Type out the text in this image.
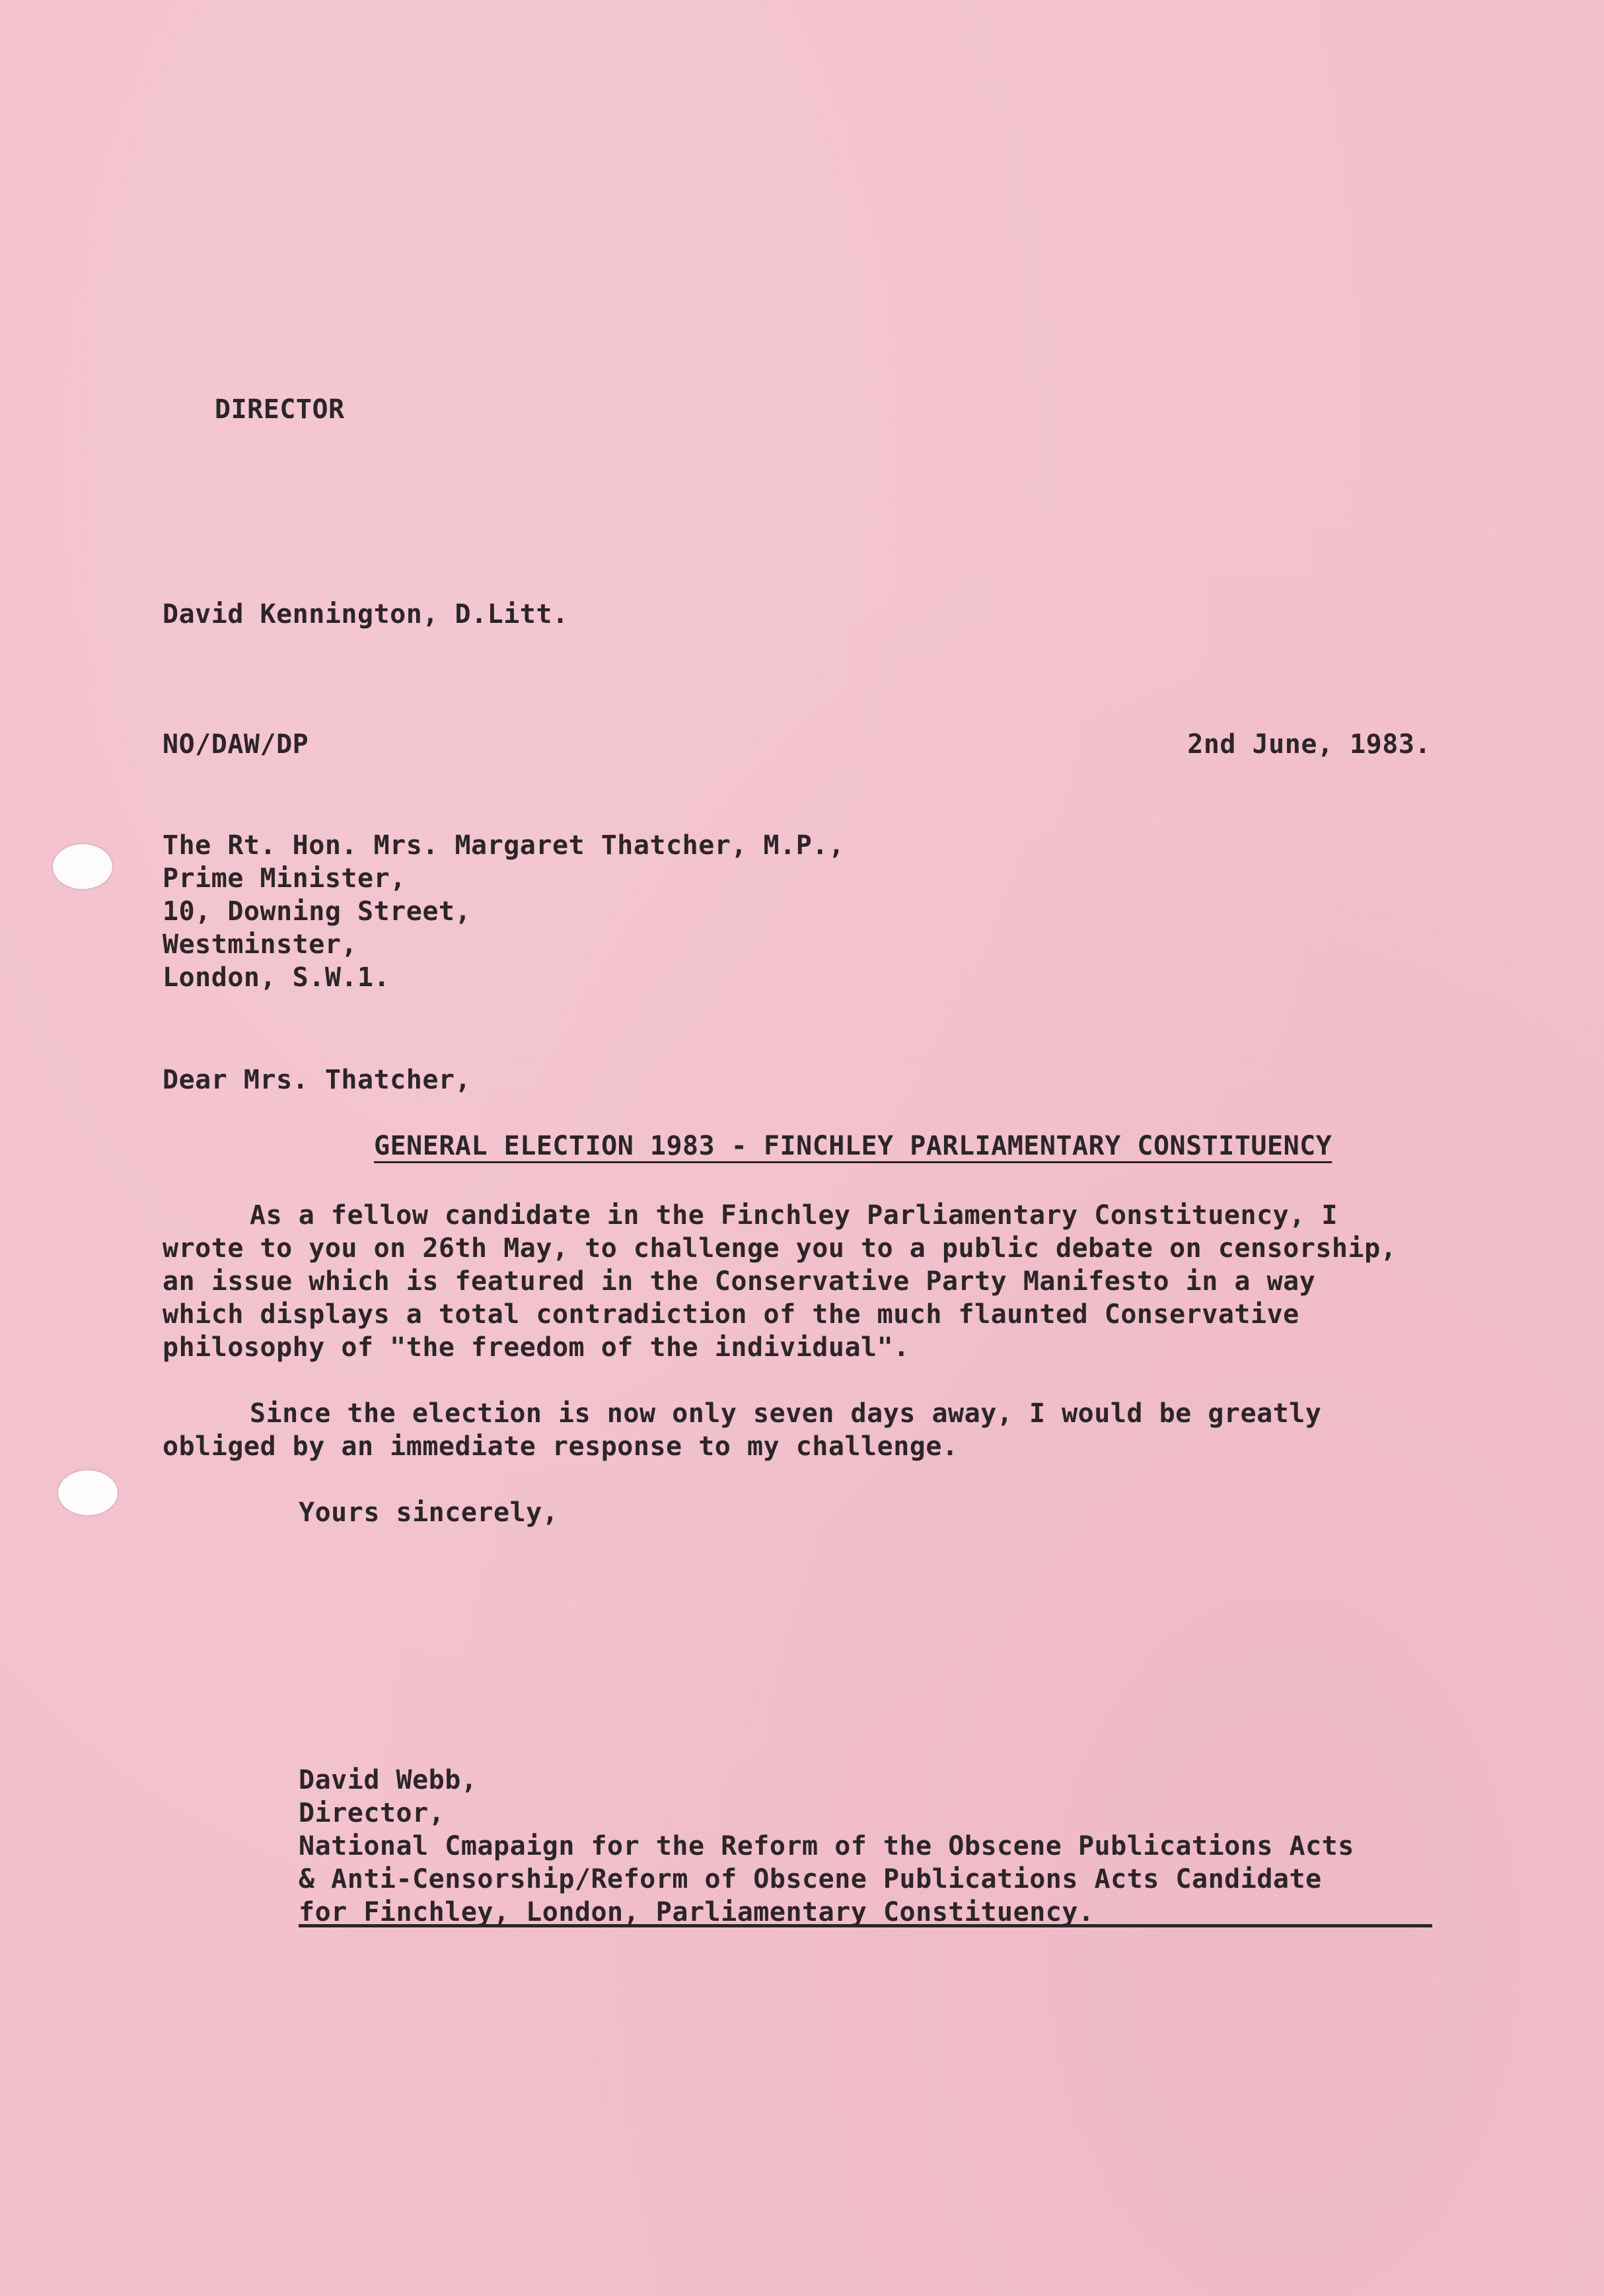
DIRECTOR
David Kennington, D.Litt.
NO/DAW/DP	2nd June, 1983.
The Rt. Hon. Mrs. Margaret Thatcher, M.P.,
Prime Minister,
10, Downing Street,
Westminster,
London, S.W.1.
Dear Mrs. Thatcher,
GENERAL ELECTION 1983 - FINCHLEY PARLIAMENTARY CONSTITUENCY
As a fellow candidate in the Finchley Parliamentary Constituency, I
wrote to you on 26th May, to challenge you to a public debate on censorship,
an issue which is featured in the Conservative Party Manifesto in a way
which displays a total contradiction of the much flaunted Conservative
philosophy of "the freedom of the individual".
Since the election is now only seven days away, I would be greatly
obliged by an immediate response to my challenge.
Yours sincerely,
David Webb,
Director,
National Cmapaign for the Reform of the Obscene Publications Acts
& Anti-Censorship/Reform of Obscene Publications Acts Candidate
for Finchley, London, Parliamentary Constituency.
